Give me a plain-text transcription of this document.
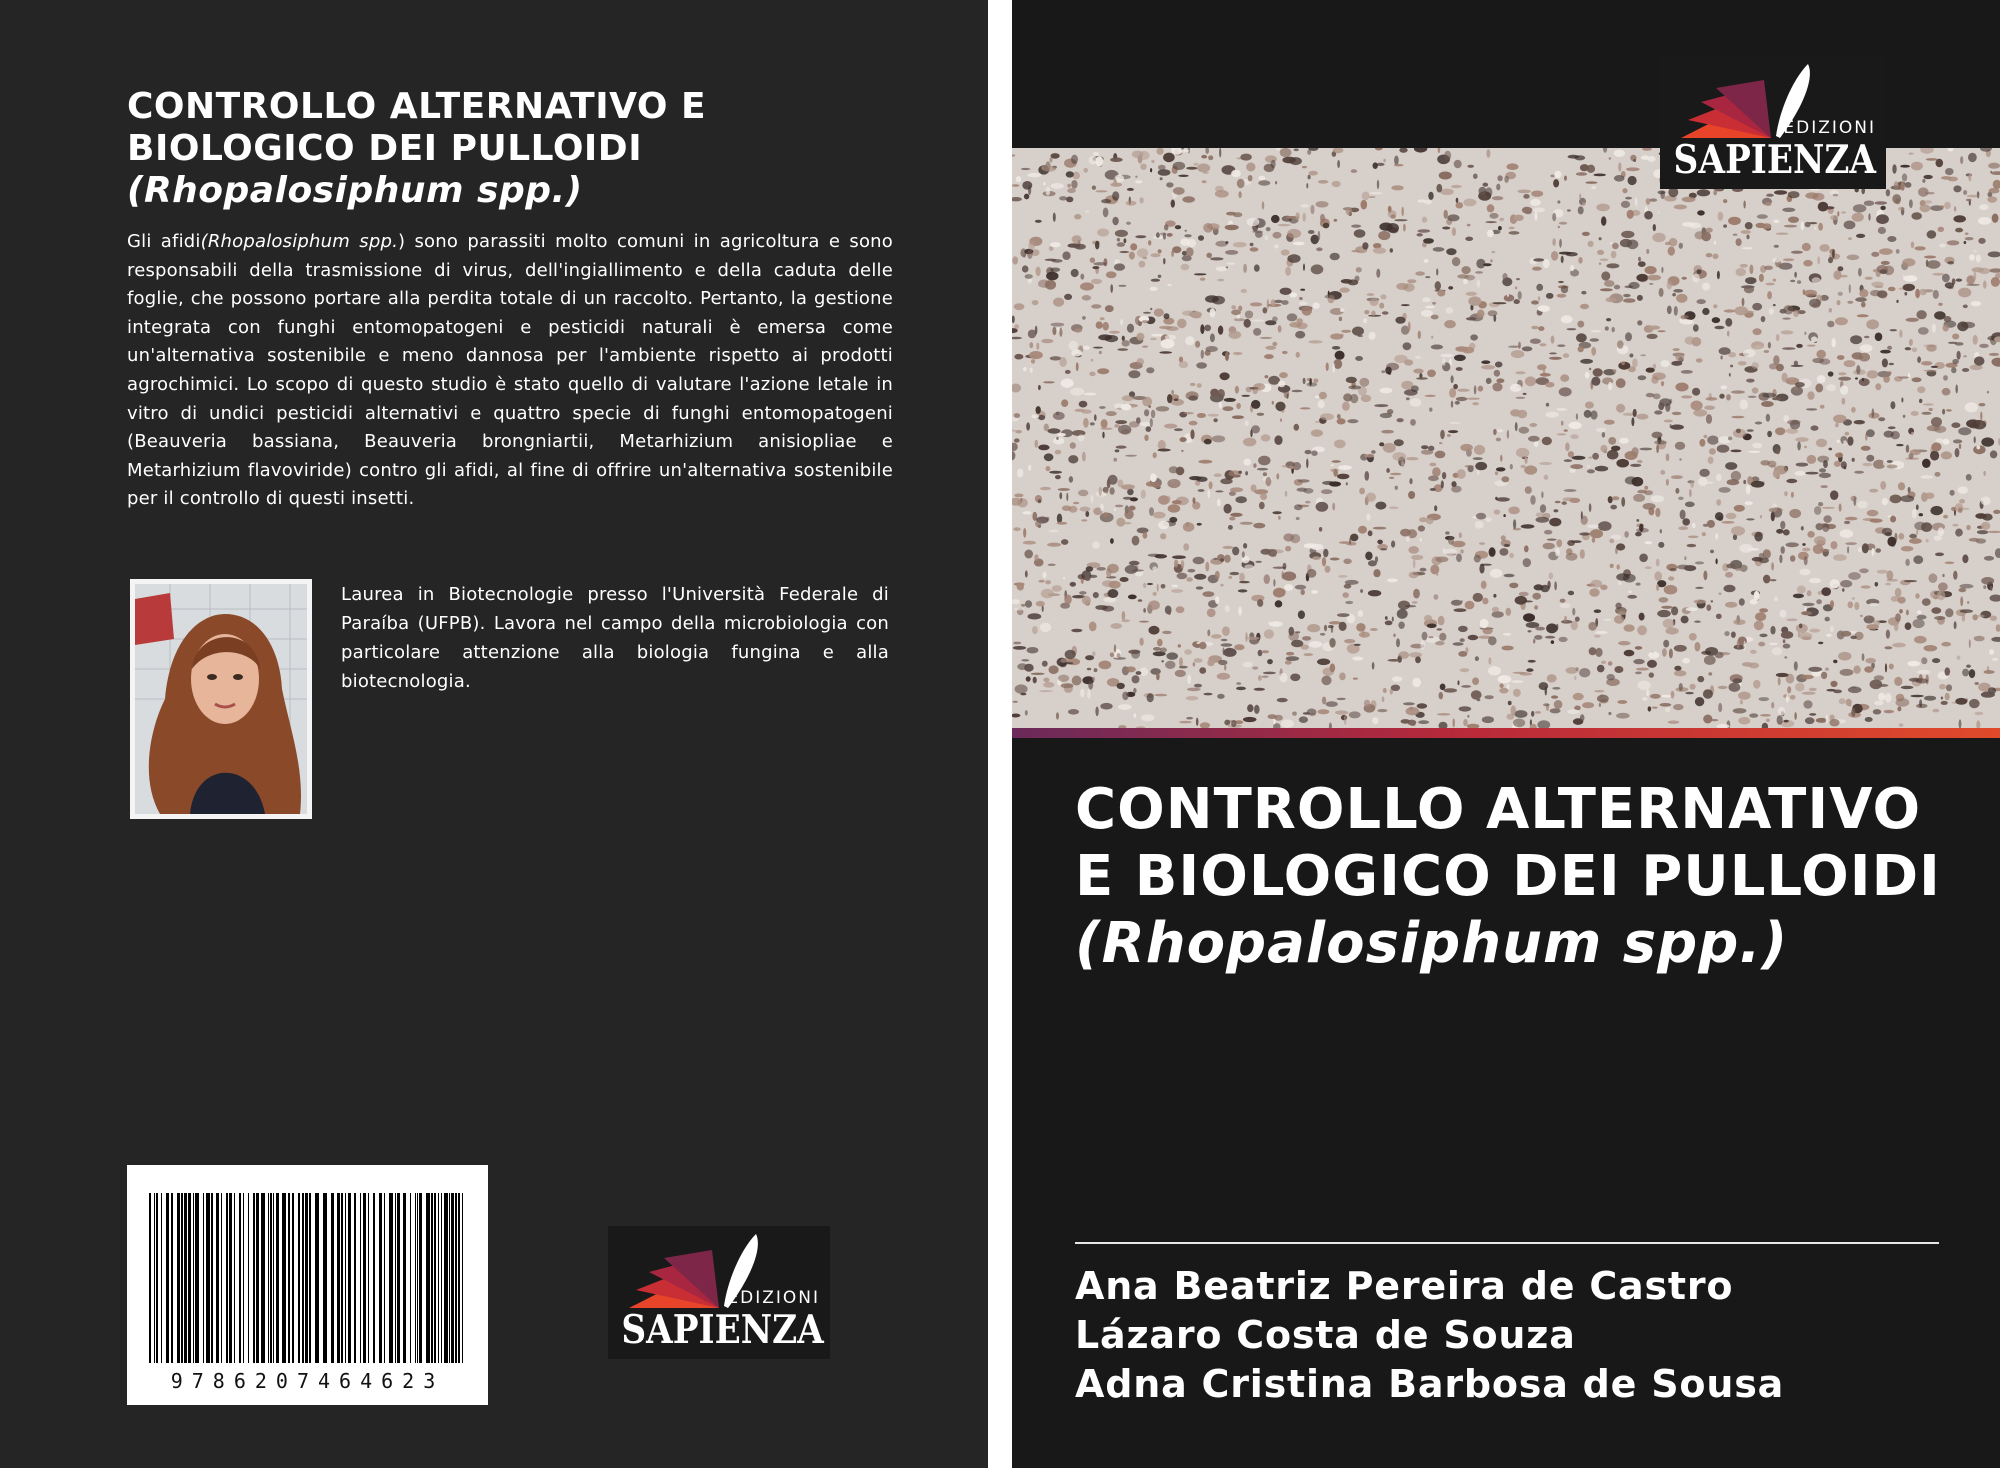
CONTROLLO ALTERNATIVO E BIOLOGICO DEI PULLOIDI
(Rhopalosiphum spp.)

Gli afidi(Rhopalosiphum spp.) sono parassiti molto comuni in agricoltura e sono responsabili della trasmissione di virus, dell'ingiallimento e della caduta delle foglie, che possono portare alla perdita totale di un raccolto. Pertanto, la gestione integrata con funghi entomopatogeni e pesticidi naturali è emersa come un'alternativa sostenibile e meno dannosa per l'ambiente rispetto ai prodotti agrochimici. Lo scopo di questo studio è stato quello di valutare l'azione letale in vitro di undici pesticidi alternativi e quattro specie di funghi entomopatogeni (Beauveria bassiana, Beauveria brongniartii, Metarhizium anisiopliae e Metarhizium flavoviride) contro gli afidi, al fine di offrire un'alternativa sostenibile per il controllo di questi insetti.

Laurea in Biotecnologie presso l'Università Federale di Paraíba (UFPB). Lavora nel campo della microbiologia con particolare attenzione alla biologia fungina e alla biotecnologia.

9786207464623
EDIZIONI
SAPIENZA
CONTROLLO ALTERNATIVO E BIOLOGICO DEI PULLOIDI
(Rhopalosiphum spp.)
Ana Beatriz Pereira de Castro
Lázaro Costa de Souza
Adna Cristina Barbosa de Sousa
EDIZIONI
SAPIENZA
